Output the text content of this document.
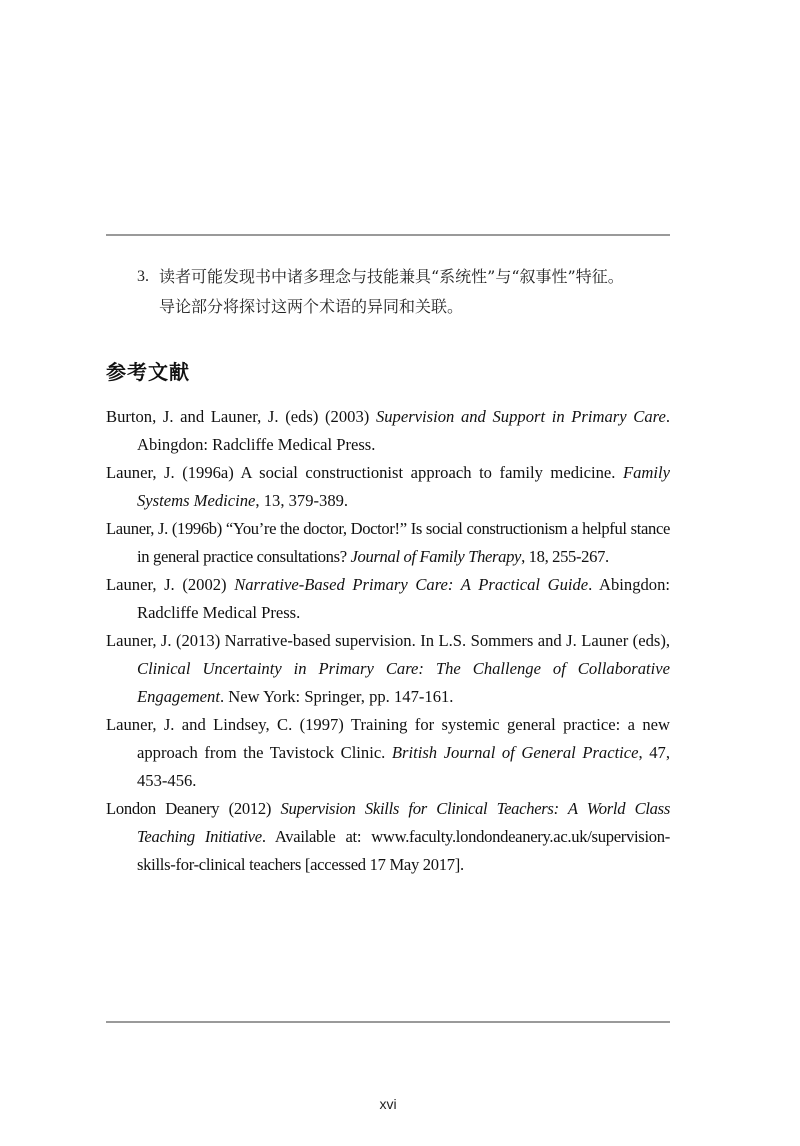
3. 读者可能发现书中诸多理念与技能兼具“系统性”与“叙事性”特征。
导论部分将探讨这两个术语的异同和关联。
参考文献

Burton, J. and Launer, J. (eds) (2003) Supervision and Support in Primary Care. Abingdon: Radcliffe Medical Press.

Launer, J. (1996a) A social constructionist approach to family medicine. Family Systems Medicine, 13, 379-389.

Launer, J. (1996b) “You’re the doctor, Doctor!” Is social constructionism a helpful stance in general practice consultations? Journal of Family Therapy, 18, 255-267.

Launer, J. (2002) Narrative-Based Primary Care: A Practical Guide. Abingdon: Radcliffe Medical Press.

Launer, J. (2013) Narrative-based supervision. In L.S. Sommers and J. Launer (eds), Clinical Uncertainty in Primary Care: The Challenge of Collaborative Engagement. New York: Springer, pp. 147-161.

Launer, J. and Lindsey, C. (1997) Training for systemic general practice: a new approach from the Tavistock Clinic. British Journal of General Practice, 47, 453-456.

London Deanery (2012) Supervision Skills for Clinical Teachers: A World Class Teaching Initiative. Available at: www.faculty.londondeanery.ac.uk/supervision-skills-for-clinical teachers [accessed 17 May 2017].

xvi
